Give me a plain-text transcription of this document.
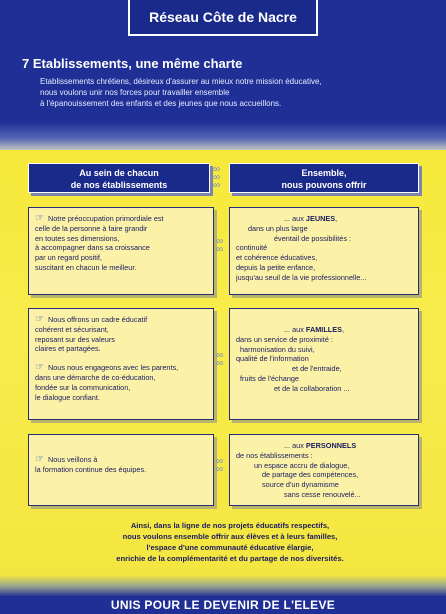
Réseau Côte de Nacre
7 Etablissements, une même charte
Etablissements chrétiens, désireux d'assurer au mieux notre mission éducative,
nous voulons unir nos forces pour travailler ensemble
à l'épanouissement des enfants et des jeunes que nous accueillons.
Au sein de chacun
de nos établissements
∞
∞
∞
Ensemble,
nous pouvons offrir
☞ Notre préoccupation primordiale est
celle de la personne à faire grandir
en toutes ses dimensions,
à accompagner dans sa croissance
par un regard positif,
suscitant en chacun le meilleur.
∞
∞
... aux JEUNES,
dans un plus large
éventail de possibilités :
continuité
et cohérence éducatives,
depuis la petite enfance,
jusqu'au seuil de la vie professionnelle...
☞ Nous offrons un cadre éducatif
cohérent et sécurisant,
reposant sur des valeurs
claires et partagées.
☞ Nous nous engageons avec les parents,
dans une démarche de co-éducation,
fondée sur la communication,
le dialogue confiant.
∞
∞
... aux FAMILLES,
dans un service de proximité :
harmonisation du suivi,
qualité de l'information
et de l'entraide,
fruits de l'échange
et de la collaboration ...
☞ Nous veillons à
la formation continue des équipes.
∞
∞
... aux PERSONNELS
de nos établissements :
un espace accru de dialogue,
de partage des compétences,
source d'un dynamisme
sans cesse renouvelé...
Ainsi, dans la ligne de nos projets éducatifs respectifs,
nous voulons ensemble offrir aux élèves et à leurs familles,
l'espace d'une communauté éducative élargie,
enrichie de la complémentarité et du partage de nos diversités.
UNIS POUR LE DEVENIR DE L'ELEVE
